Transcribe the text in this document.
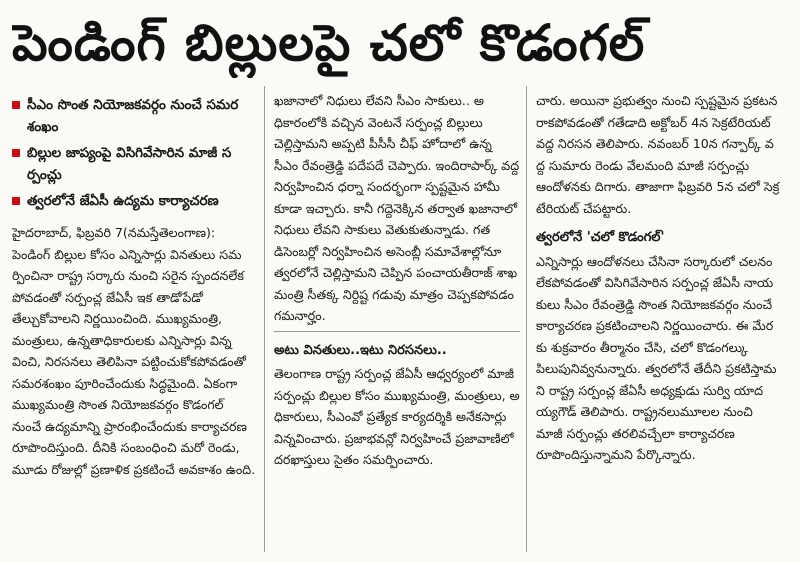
పెండింగ్ బిల్లులపై చలో కొడంగల్
సీఎం సొంత నియోజకవర్గం నుంచే సమరశంఖం
బిల్లుల జాప్యంపై విసిగివేసారిన మాజీ సర్పంచ్లు
త్వరలోనే జేఏసీ ఉద్యమ కార్యాచరణ

హైదరాబాద్, ఫిబ్రవరి 7(నమస్తేతెలంగాణ): పెండింగ్ బిల్లుల కోసం ఎన్నిసార్లు వినతులు సమర్పించినా రాష్ట్ర సర్కారు నుంచి సరైన స్పందనలేకపోవడంతో సర్పంచ్ల జేఏసీ ఇక తాడోపేడో తేల్చుకోవాలని నిర్ణయించింది. ముఖ్యమంత్రి, మంత్రులు, ఉన్నతాధికారులకు ఎన్నిసార్లు విన్నవించి, నిరసనలు తెలిపినా పట్టించుకోకపోవడంతో సమరశంఖం పూరించేందుకు సిద్ధమైంది. ఏకంగా ముఖ్యమంత్రి సొంత నియోజకవర్గం కొడంగల్ నుంచే ఉద్యమాన్ని ప్రారంభించేందుకు కార్యాచరణ రూపొందిస్తుంది. దీనికి సంబంధించి మరో రెండు, మూడు రోజుల్లో ప్రణాళిక ప్రకటించే అవకాశం ఉంది.

ఖజానాలో నిధులు లేవని సీఎం సాకులు.. అధికారంలోకి వచ్చిన వెంటనే సర్పంచ్ల బిల్లులు చెల్లిస్తామని అప్పటి పీసీసీ చీఫ్ హోదాలో ఉన్న సీఎం రేవంత్రెడ్డి పదేపదే చెప్పారు. ఇందిరాపార్క్ వద్ద నిర్వహించిన ధర్నా సందర్భంగా స్పష్టమైన హామీ కూడా ఇచ్చారు. కానీ గద్దెనెక్కిన తర్వాత ఖజానాలో నిధులు లేవని సాకులు వెతుకుతున్నాడు. గత డిసెంబర్లో నిర్వహించిన అసెంబ్లీ సమావేశాల్లోనూ త్వరలోనే చెల్లిస్తామని చెప్పిన పంచాయతీరాజ్ శాఖ మంత్రి సీతక్క నిర్దిష్ట గడువు మాత్రం చెప్పకపోవడం గమనార్హం.

అటు వినతులు..ఇటు నిరసనలు..

తెలంగాణ రాష్ట్ర సర్పంచ్ల జేఏసీ ఆధ్వర్యంలో మాజీ సర్పంచ్లు బిల్లుల కోసం ముఖ్యమంత్రి, మంత్రులు, అధికారులు, సీఎంవో ప్రత్యేక కార్యదర్శికి అనేకసార్లు విన్నవించారు. ప్రజాభవన్లో నిర్వహించే ప్రజావాణిలో దరఖాస్తులు సైతం సమర్పించారు.

చారు. అయినా ప్రభుత్వం నుంచి స్పష్టమైన ప్రకటన రాకపోవడంతో గతేడాది అక్టోబర్ 4న సెక్రటేరియట్ వద్ద నిరసన తెలిపారు. నవంబర్ 10న గన్పార్క్ వద్ద సుమారు రెండు వేలమంది మాజీ సర్పంచ్లు ఆందోళనకు దిగారు. తాజాగా ఫిబ్రవరి 5న చలో సెక్రటేరియట్ చేపట్టారు.

త్వరలోనే 'చలో కొడంగల్'

ఎన్నిసార్లు ఆందోళనలు చేసినా సర్కారులో చలనం లేకపోవడంతో విసిగివేసారిన సర్పంచ్ల జేఏసీ నాయకులు సీఎం రేవంత్రెడ్డి సొంత నియోజకవర్గం నుంచే కార్యాచరణ ప్రకటించాలని నిర్ణయించారు. ఈ మేరకు శుక్రవారం తీర్మానం చేసి, చలో కొడంగల్కు పిలుపునివ్వనున్నారు. త్వరలోనే తేదీని ప్రకటిస్తామని రాష్ట్ర సర్పంచ్ల జేఏసీ అధ్యక్షుడు సుర్వి యాదయ్యగౌడ్ తెలిపారు. రాష్ట్రనలుమూలల నుంచి మాజీ సర్పంచ్లు తరలివచ్చేలా కార్యాచరణ రూపొందిస్తున్నామని పేర్కొన్నారు.
